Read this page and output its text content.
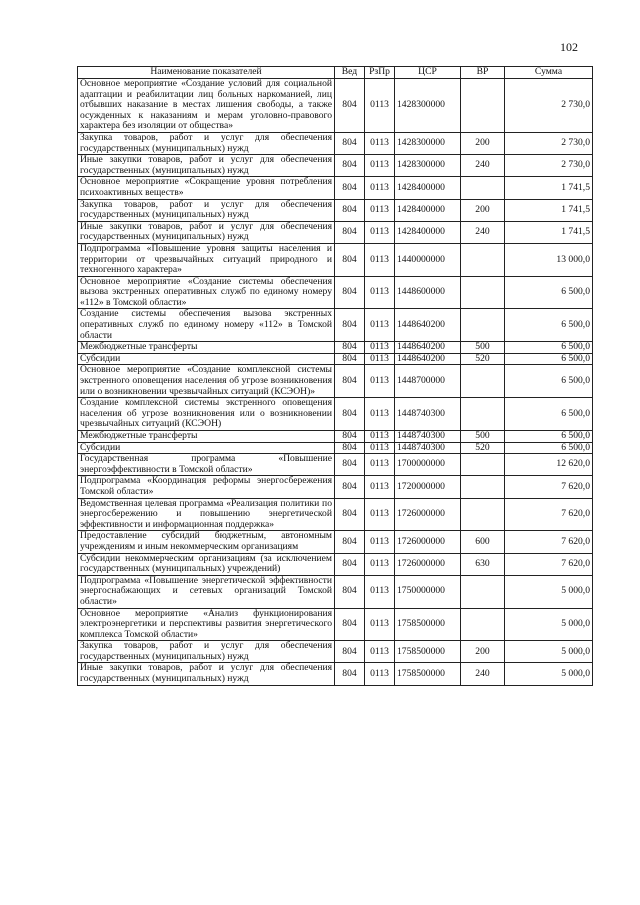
102
Наименование показателей	Вед	РзПр	ЦСР	ВР	Сумма
Основное мероприятие «Создание условий для социальной адаптации и реабилитации лиц больных наркоманией, лиц отбывших наказание в местах лишения свободы, а также осужденных к наказаниям и мерам уголовно-правового характера без изоляции от общества»	804	0113	1428300000		2 730,0
Закупка товаров, работ и услуг для обеспечения государственных (муниципальных) нужд	804	0113	1428300000	200	2 730,0
Иные закупки товаров, работ и услуг для обеспечения государственных (муниципальных) нужд	804	0113	1428300000	240	2 730,0
Основное мероприятие «Сокращение уровня потребления психоактивных веществ»	804	0113	1428400000		1 741,5
Закупка товаров, работ и услуг для обеспечения государственных (муниципальных) нужд	804	0113	1428400000	200	1 741,5
Иные закупки товаров, работ и услуг для обеспечения государственных (муниципальных) нужд	804	0113	1428400000	240	1 741,5
Подпрограмма «Повышение уровня защиты населения и территории от чрезвычайных ситуаций природного и техногенного характера»	804	0113	1440000000		13 000,0
Основное мероприятие «Создание системы обеспечения вызова экстренных оперативных служб по единому номеру «112» в Томской области»	804	0113	1448600000		6 500,0
Создание системы обеспечения вызова экстренных оперативных служб по единому номеру «112» в Томской области	804	0113	1448640200		6 500,0
Межбюджетные трансферты	804	0113	1448640200	500	6 500,0
Субсидии	804	0113	1448640200	520	6 500,0
Основное мероприятие «Создание комплексной системы экстренного оповещения населения об угрозе возникновения или о возникновении чрезвычайных ситуаций (КСЭОН)»	804	0113	1448700000		6 500,0
Создание комплексной системы экстренного оповещения населения об угрозе возникновения или о возникновении чрезвычайных ситуаций (КСЭОН)	804	0113	1448740300		6 500,0
Межбюджетные трансферты	804	0113	1448740300	500	6 500,0
Субсидии	804	0113	1448740300	520	6 500,0
Государственная программа «Повышение энергоэффективности в Томской области»	804	0113	1700000000		12 620,0
Подпрограмма «Координация реформы энергосбережения Томской области»	804	0113	1720000000		7 620,0
Ведомственная целевая программа «Реализация политики по энергосбережению и повышению энергетической эффективности и информационная поддержка»	804	0113	1726000000		7 620,0
Предоставление субсидий бюджетным, автономным учреждениям и иным некоммерческим организациям	804	0113	1726000000	600	7 620,0
Субсидии некоммерческим организациям (за исключением государственных (муниципальных) учреждений)	804	0113	1726000000	630	7 620,0
Подпрограмма «Повышение энергетической эффективности энергоснабжающих и сетевых организаций Томской области»	804	0113	1750000000		5 000,0
Основное мероприятие «Анализ функционирования электроэнергетики и перспективы развития энергетического комплекса Томской области»	804	0113	1758500000		5 000,0
Закупка товаров, работ и услуг для обеспечения государственных (муниципальных) нужд	804	0113	1758500000	200	5 000,0
Иные закупки товаров, работ и услуг для обеспечения государственных (муниципальных) нужд	804	0113	1758500000	240	5 000,0
